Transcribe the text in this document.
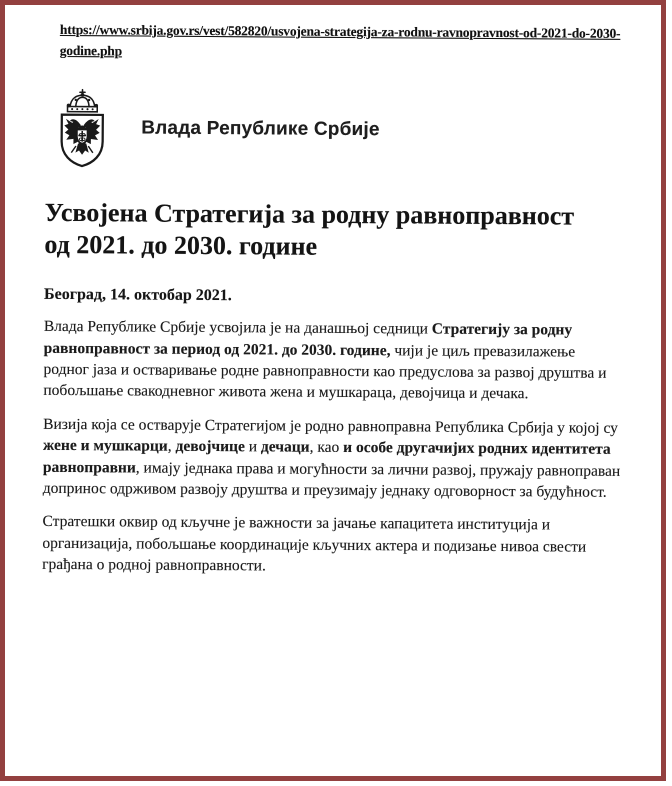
https://www.srbija.gov.rs/vest/582820/usvojena-strategija-za-rodnu-ravnopravnost-od-2021-do-2030-godine.php
Влада Републике Србије
Усвојена Стратегија за родну равноправност од 2021. до 2030. године

Београд, 14. октобар 2021.

Влада Републике Србије усвојила је на данашњој седници Стратегију за родну равноправност за период од 2021. до 2030. године, чији је циљ превазилажење родног јаза и остваривање родне равноправности као предуслова за развој друштва и побољшање свакодневног живота жена и мушкараца, девојчица и дечака.

Визија која се остварује Стратегијом је родно равноправна Република Србија у којој су жене и мушкарци, девојчице и дечаци, као и особе другачијих родних идентитета равноправни, имају једнака права и могућности за лични развој, пружају равноправан допринос одрживом развоју друштва и преузимају једнаку одговорност за будућност.

Стратешки оквир од кључне је важности за јачање капацитета институција и организација, побољшање координације кључних актера и подизање нивоа свести грађана о родној равноправности.
